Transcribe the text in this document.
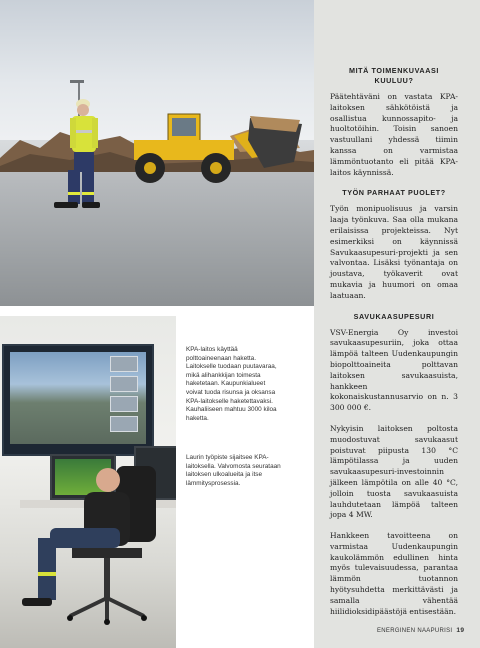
KPA-laitos käyttää polttoaineenaan haketta. Laitokselle tuodaan puutavaraa, mikä alihankkijan toimesta haketetaan. Kaupunkialueet voivat tuoda risunsa ja oksansa KPA-laitokselle haketettavaksi. Kauhaliiseen mahtuu 3000 kiloa haketta.

Laurin työpiste sijaitsee KPA-laitoksella. Valvomosta seurataan laitoksen ulkoalueita ja itse lämmitysprosessia.

MITÄ TOIMENKUVAASI KUULUU?

Päätehtäväni on vastata KPA-laitoksen sähkötöistä ja osallistua kunnossapito- ja huoltotöihin. Toisin sanoen vastuullani yhdessä tiimin kanssa on varmistaa lämmöntuotanto eli pitää KPA-laitos käynnissä.

TYÖN PARHAAT PUOLET?

Työn monipuolisuus ja varsin laaja työnkuva. Saa olla mukana erilaisissa projekteissa. Nyt esimerkiksi on käynnissä Savukaasupesuri-projekti ja sen valvontaa. Lisäksi työnantaja on joustava, työkaverit ovat mukavia ja huumori on omaa laatuaan.

SAVUKAASUPESURI

VSV-Energia Oy investoi savukaasupesuriin, joka ottaa lämpöä talteen Uudenkaupungin biopolttoaineita polttavan laitoksen savukaasuista, hankkeen kokonaiskustannusarvio on n. 3 300 000 €.

Nykyisin laitoksen poltosta muodostuvat savukaasut poistuvat piipusta 130 °C lämpötilassa ja uuden savukaasupesuri-investoinnin jälkeen lämpötila on alle 40 °C, jolloin tuosta savukaasuista lauhdutetaan lämpöä talteen jopa 4 MW.

Hankkeen tavoitteena on varmistaa Uudenkaupungin kaukolämmön edullinen hinta myös tulevaisuudessa, parantaa lämmön tuotannon hyötysuhdetta merkittävästi ja samalla vähentää hiilidioksidipäästöjä entisestään.

ENERGINEN NAAPURISI 19
